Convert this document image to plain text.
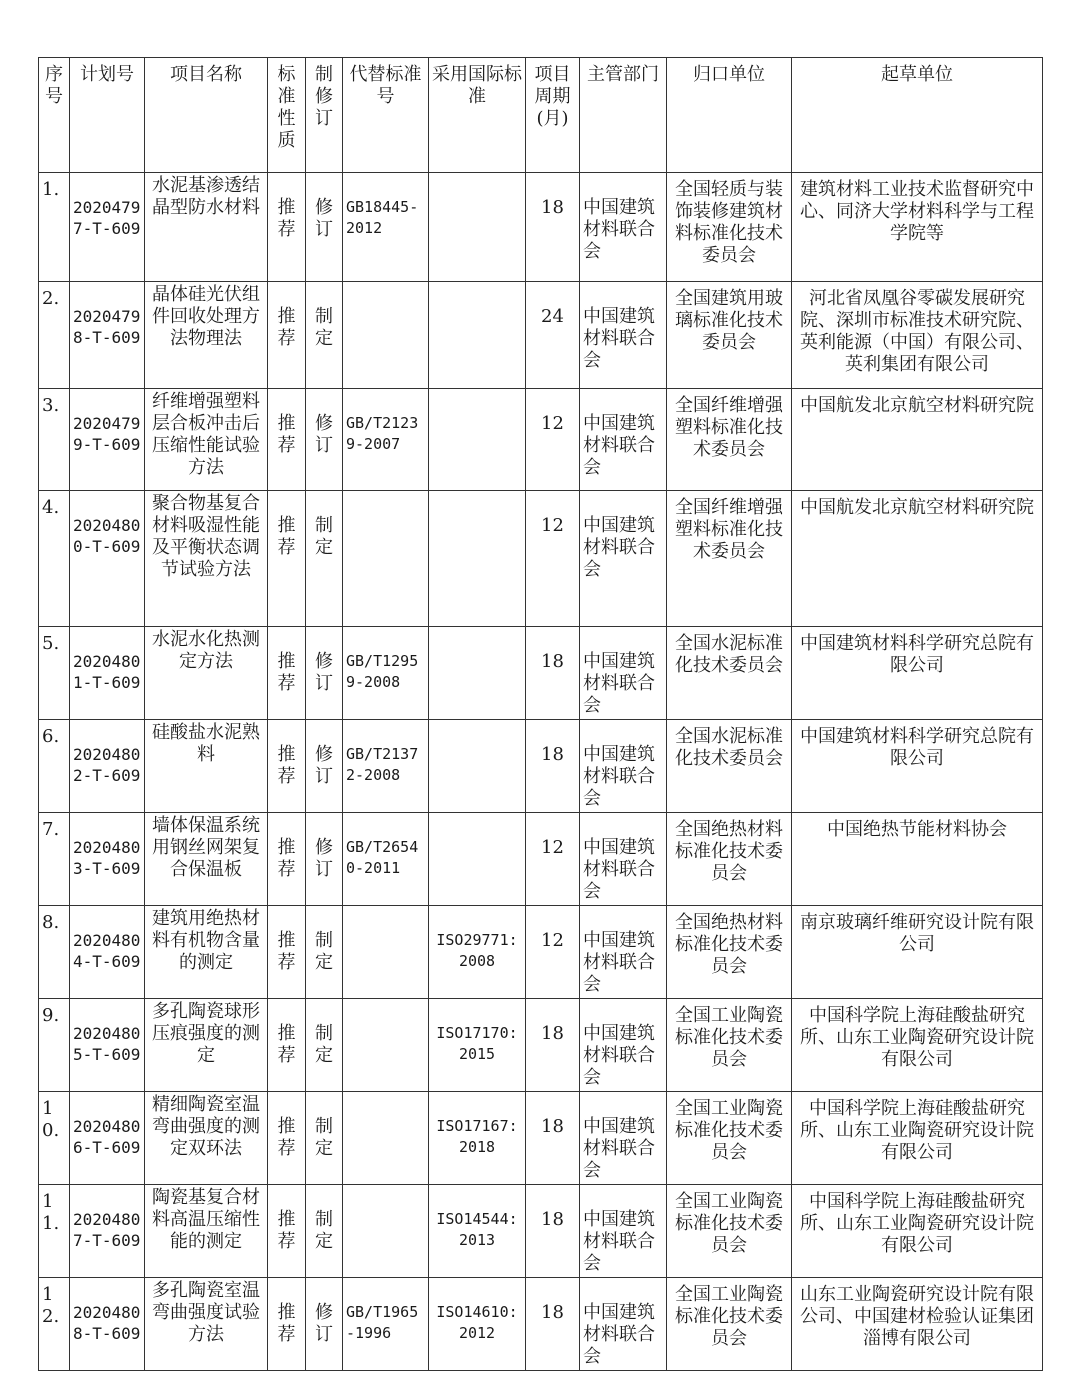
序号	计划号	项目名称	标准性质	制修订	代替标准号	采用国际标准	项目周期(月)	主管部门	归口单位	起草单位
1.	20204797-T-609	水泥基渗透结晶型防水材料	推荐	修订	GB18445-2012		18	中国建筑材料联合会	全国轻质与装饰装修建筑材料标准化技术委员会	建筑材料工业技术监督研究中心、同济大学材料科学与工程学院等
2.	20204798-T-609	晶体硅光伏组件回收处理方法物理法	推荐	制定			24	中国建筑材料联合会	全国建筑用玻璃标准化技术委员会	河北省凤凰谷零碳发展研究院、深圳市标准技术研究院、英利能源（中国）有限公司、英利集团有限公司
3.	20204799-T-609	纤维增强塑料层合板冲击后压缩性能试验方法	推荐	修订	GB/T21239-2007		12	中国建筑材料联合会	全国纤维增强塑料标准化技术委员会	中国航发北京航空材料研究院
4.	20204800-T-609	聚合物基复合材料吸湿性能及平衡状态调节试验方法	推荐	制定			12	中国建筑材料联合会	全国纤维增强塑料标准化技术委员会	中国航发北京航空材料研究院
5.	20204801-T-609	水泥水化热测定方法	推荐	修订	GB/T12959-2008		18	中国建筑材料联合会	全国水泥标准化技术委员会	中国建筑材料科学研究总院有限公司
6.	20204802-T-609	硅酸盐水泥熟料	推荐	修订	GB/T21372-2008		18	中国建筑材料联合会	全国水泥标准化技术委员会	中国建筑材料科学研究总院有限公司
7.	20204803-T-609	墙体保温系统用钢丝网架复合保温板	推荐	修订	GB/T26540-2011		12	中国建筑材料联合会	全国绝热材料标准化技术委员会	中国绝热节能材料协会
8.	20204804-T-609	建筑用绝热材料有机物含量的测定	推荐	制定		ISO29771:2008	12	中国建筑材料联合会	全国绝热材料标准化技术委员会	南京玻璃纤维研究设计院有限公司
9.	20204805-T-609	多孔陶瓷球形压痕强度的测定	推荐	制定		ISO17170:2015	18	中国建筑材料联合会	全国工业陶瓷标准化技术委员会	中国科学院上海硅酸盐研究所、山东工业陶瓷研究设计院有限公司
10.	20204806-T-609	精细陶瓷室温弯曲强度的测定双环法	推荐	制定		ISO17167:2018	18	中国建筑材料联合会	全国工业陶瓷标准化技术委员会	中国科学院上海硅酸盐研究所、山东工业陶瓷研究设计院有限公司
11.	20204807-T-609	陶瓷基复合材料高温压缩性能的测定	推荐	制定		ISO14544:2013	18	中国建筑材料联合会	全国工业陶瓷标准化技术委员会	中国科学院上海硅酸盐研究所、山东工业陶瓷研究设计院有限公司
12.	20204808-T-609	多孔陶瓷室温弯曲强度试验方法	推荐	修订	GB/T1965-1996	ISO14610:2012	18	中国建筑材料联合会	全国工业陶瓷标准化技术委员会	山东工业陶瓷研究设计院有限公司、中国建材检验认证集团淄博有限公司
